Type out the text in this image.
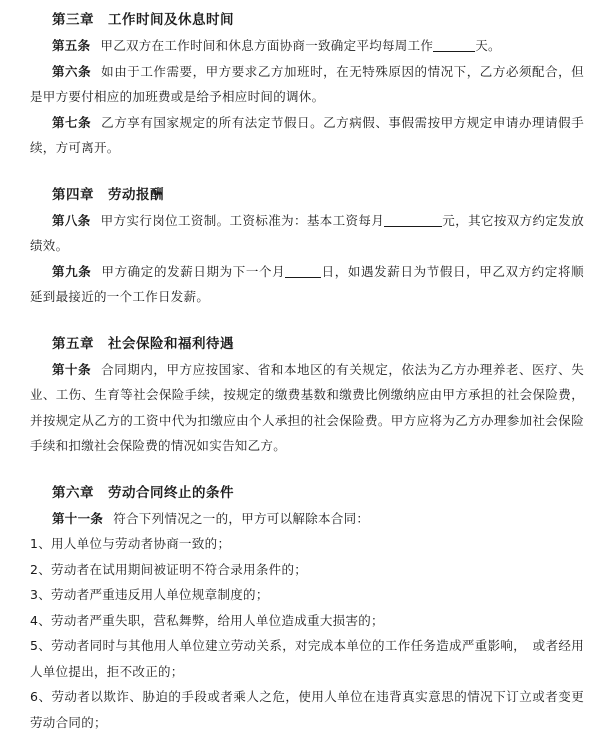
第三章 工作时间及休息时间

第五条 甲乙双方在工作时间和休息方面协商一致确定平均每周工作	天。

第六条 如由于工作需要，甲方要求乙方加班时，在无特殊原因的情况下，乙方必须配合，但是甲方要付相应的加班费或是给予相应时间的调休。

第七条 乙方享有国家规定的所有法定节假日。乙方病假、事假需按甲方规定申请办理请假手续，方可离开。

第四章 劳动报酬

第八条 甲方实行岗位工资制。工资标准为：基本工资每月	元，其它按双方约定发放绩效。

第九条 甲方确定的发薪日期为下一个月	日，如遇发薪日为节假日，甲乙双方约定将顺延到最接近的一个工作日发薪。

第五章 社会保险和福利待遇

第十条 合同期内，甲方应按国家、省和本地区的有关规定，依法为乙方办理养老、医疗、失业、工伤、生育等社会保险手续，按规定的缴费基数和缴费比例缴纳应由甲方承担的社会保险费，并按规定从乙方的工资中代为扣缴应由个人承担的社会保险费。甲方应将为乙方办理参加社会保险手续和扣缴社会保险费的情况如实告知乙方。

第六章 劳动合同终止的条件

第十一条 符合下列情况之一的，甲方可以解除本合同：

1、用人单位与劳动者协商一致的；

2、劳动者在试用期间被证明不符合录用条件的；

3、劳动者严重违反用人单位规章制度的；

4、劳动者严重失职，营私舞弊，给用人单位造成重大损害的；

5、劳动者同时与其他用人单位建立劳动关系，对完成本单位的工作任务造成严重影响，　或者经用人单位提出，拒不改正的；

6、劳动者以欺诈、胁迫的手段或者乘人之危，使用人单位在违背真实意思的情况下订立或者变更劳动合同的；
